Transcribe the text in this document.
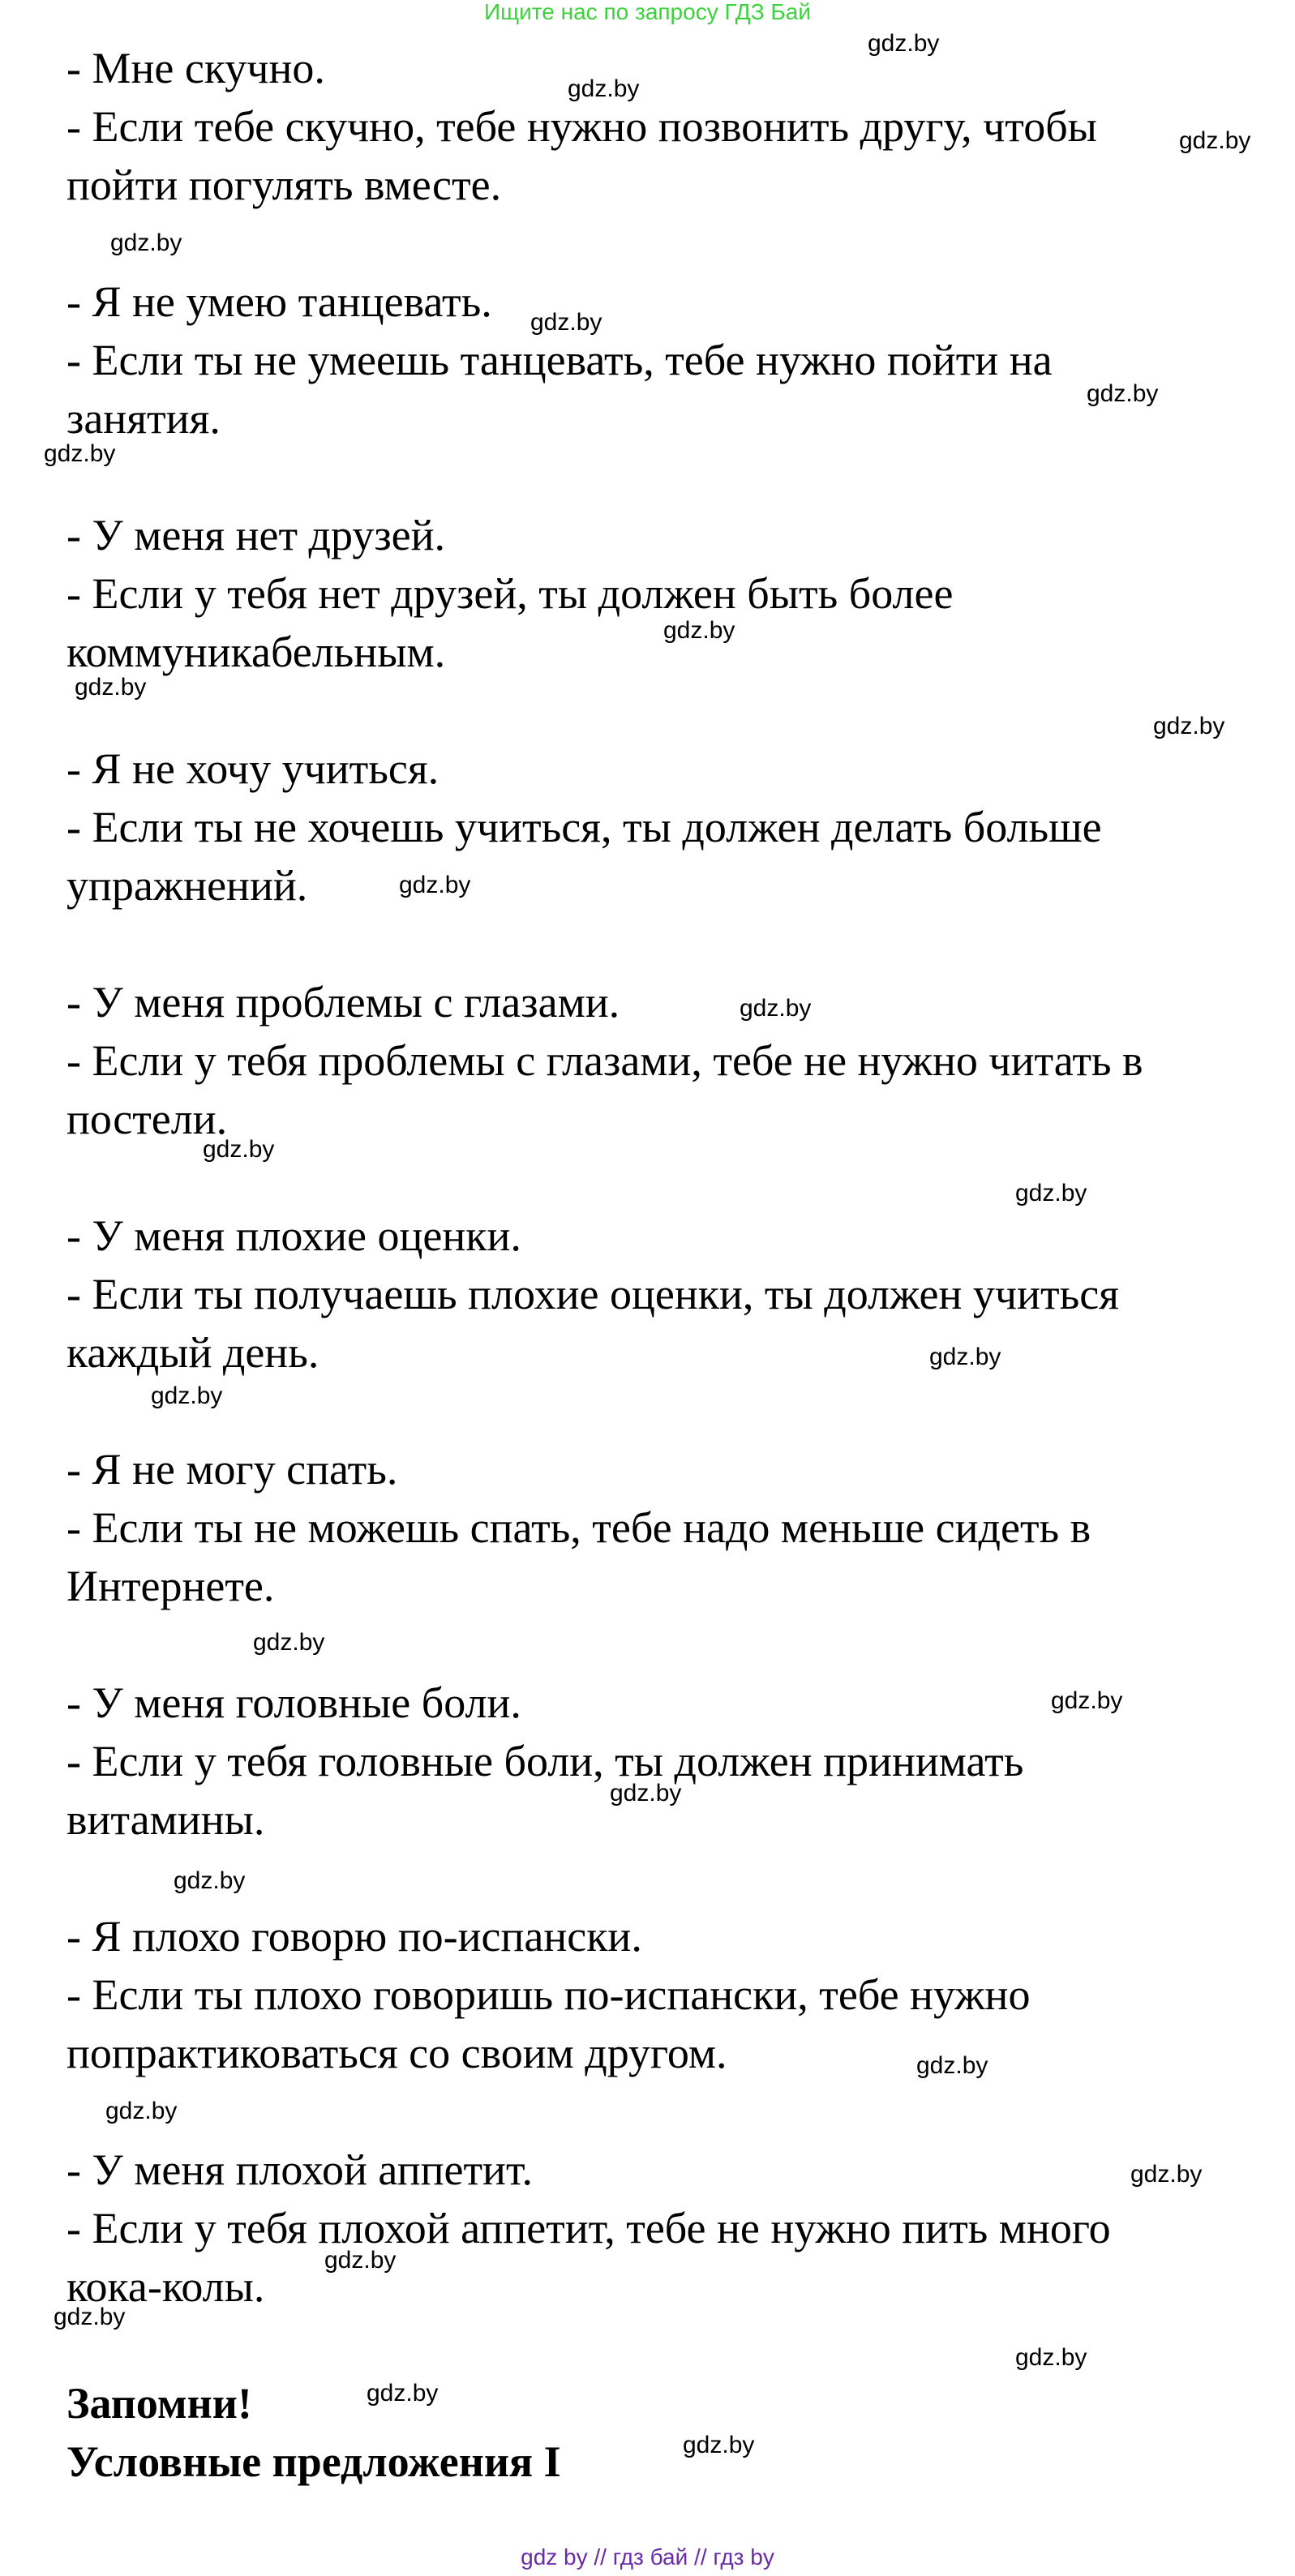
Ищите нас по запросу ГДЗ Бай
- Мне скучно.
- Если тебе скучно, тебе нужно позвонить другу, чтобы
пойти погулять вместе.
- Я не умею танцевать.
- Если ты не умеешь танцевать, тебе нужно пойти на
занятия.
- У меня нет друзей.
- Если у тебя нет друзей, ты должен быть более
коммуникабельным.
- Я не хочу учиться.
- Если ты не хочешь учиться, ты должен делать больше
упражнений.
- У меня проблемы с глазами.
- Если у тебя проблемы с глазами, тебе не нужно читать в
постели.
- У меня плохие оценки.
- Если ты получаешь плохие оценки, ты должен учиться
каждый день.
- Я не могу спать.
- Если ты не можешь спать, тебе надо меньше сидеть в
Интернете.
- У меня головные боли.
- Если у тебя головные боли, ты должен принимать
витамины.
- Я плохо говорю по-испански.
- Если ты плохо говоришь по-испански, тебе нужно
попрактиковаться со своим другом.
- У меня плохой аппетит.
- Если у тебя плохой аппетит, тебе не нужно пить много
кока-колы.
Запомни!
Условные предложения I
gdz.by
gdz.by
gdz.by
gdz.by
gdz.by
gdz.by
gdz.by
gdz.by
gdz.by
gdz.by
gdz.by
gdz.by
gdz.by
gdz.by
gdz.by
gdz.by
gdz.by
gdz.by
gdz.by
gdz.by
gdz.by
gdz.by
gdz.by
gdz.by
gdz.by
gdz.by
gdz.by
gdz.by
gdz by // гдз бай // гдз by
